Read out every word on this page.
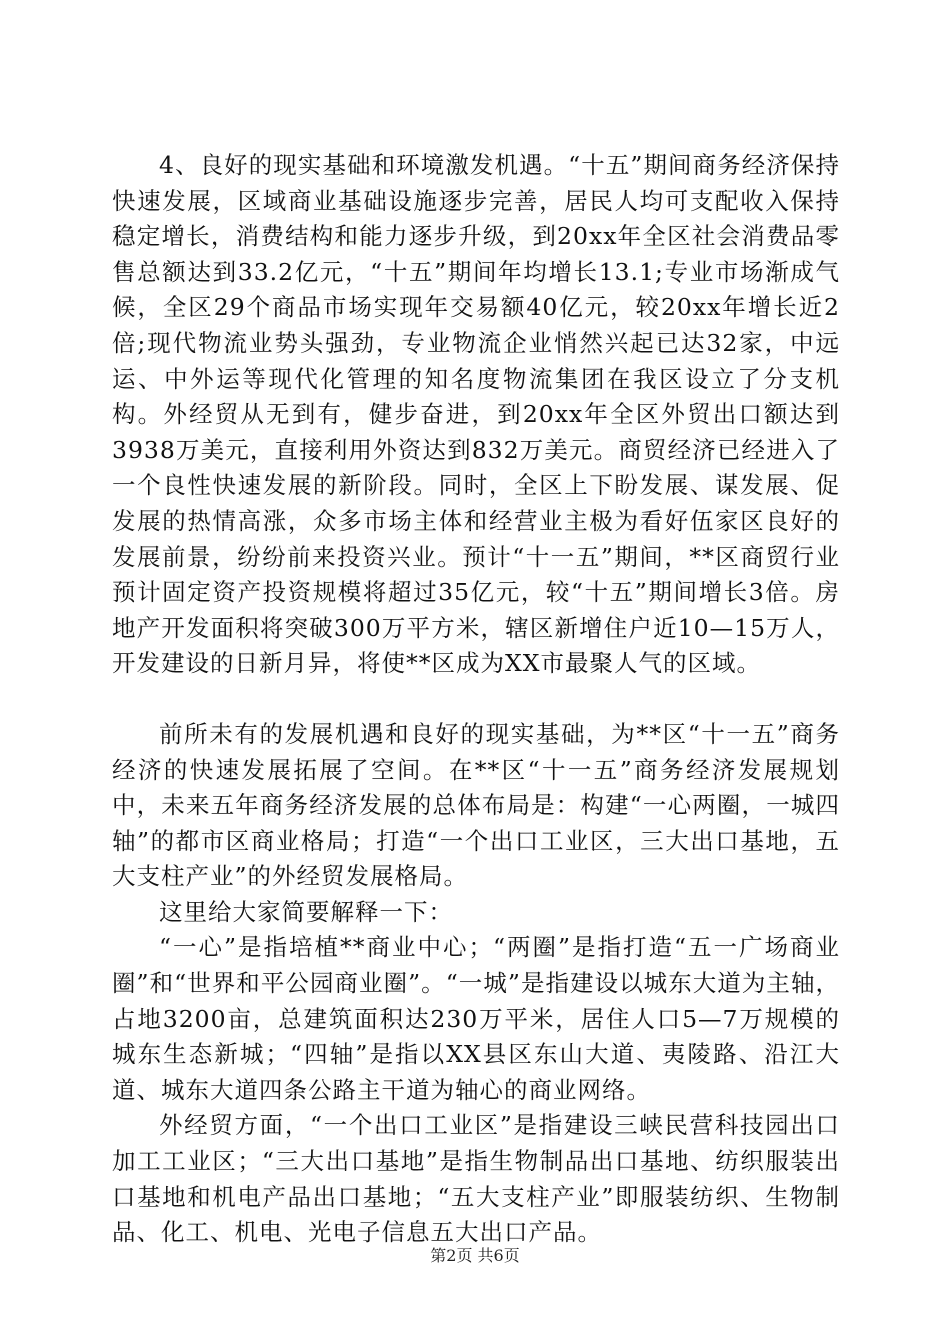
4、良好的现实基础和环境激发机遇。“十五”期间商务经济保持快速发展，区域商业基础设施逐步完善，居民人均可支配收入保持稳定增长，消费结构和能力逐步升级，到20xx年全区社会消费品零售总额达到33.2亿元，“十五”期间年均增长13.1;专业市场渐成气候，全区29个商品市场实现年交易额40亿元，较20xx年增长近2倍;现代物流业势头强劲，专业物流企业悄然兴起已达32家，中远运、中外运等现代化管理的知名度物流集团在我区设立了分支机构。外经贸从无到有，健步奋进，到20xx年全区外贸出口额达到3938万美元，直接利用外资达到832万美元。商贸经济已经进入了一个良性快速发展的新阶段。同时，全区上下盼发展、谋发展、促发展的热情高涨，众多市场主体和经营业主极为看好伍家区良好的发展前景，纷纷前来投资兴业。预计“十一五”期间，**区商贸行业预计固定资产投资规模将超过35亿元，较“十五”期间增长3倍。房地产开发面积将突破300万平方米，辖区新增住户近10—15万人，开发建设的日新月异，将使**区成为XX市最聚人气的区域。

前所未有的发展机遇和良好的现实基础，为**区“十一五”商务经济的快速发展拓展了空间。在**区“十一五”商务经济发展规划中，未来五年商务经济发展的总体布局是：构建“一心两圈，一城四轴”的都市区商业格局；打造“一个出口工业区，三大出口基地，五大支柱产业”的外经贸发展格局。

这里给大家简要解释一下：

“一心”是指培植**商业中心；“两圈”是指打造“五一广场商业圈”和“世界和平公园商业圈”。“一城”是指建设以城东大道为主轴，占地3200亩，总建筑面积达230万平米，居住人口5—7万规模的城东生态新城；“四轴”是指以XX县区东山大道、夷陵路、沿江大道、城东大道四条公路主干道为轴心的商业网络。

外经贸方面，“一个出口工业区”是指建设三峡民营科技园出口加工工业区；“三大出口基地”是指生物制品出口基地、纺织服装出口基地和机电产品出口基地；“五大支柱产业”即服装纺织、生物制品、化工、机电、光电子信息五大出口产品。

第2页 共6页
